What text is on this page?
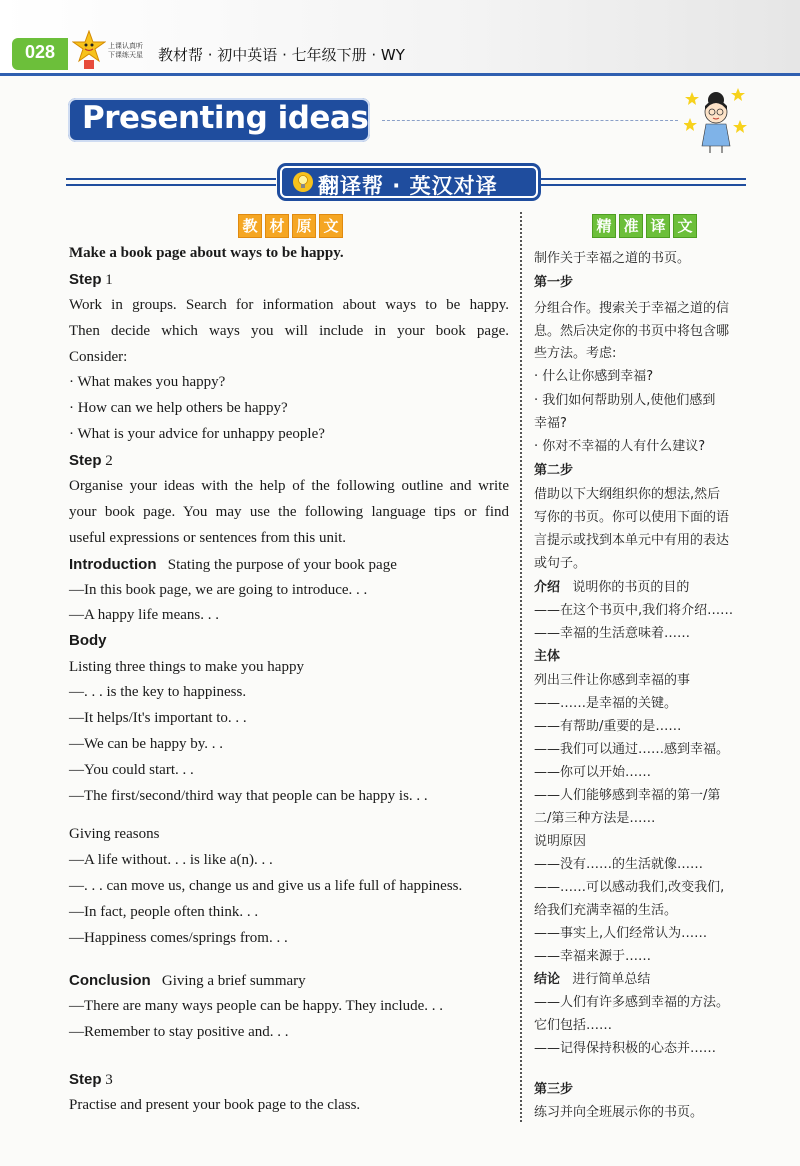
028	上课认真听
下课练天星 教材帮 · 初中英语 · 七年级下册 · WY
Presenting ideas
翻译帮 · 英汉对译
教 材 原 文	精 准 译 文
Make a book page about ways to be happy.
Step 1
Work in groups. Search for information about ways to be happy.
Then decide which ways you will include in your book page.
Consider:
· What makes you happy?
· How can we help others be happy?
· What is your advice for unhappy people?
Step 2
Organise your ideas with the help of the following outline and write
your book page. You may use the following language tips or find
useful expressions or sentences from this unit.
Introduction Stating the purpose of your book page
—In this book page, we are going to introduce. . .
—A happy life means. . .
Body
Listing three things to make you happy
—. . . is the key to happiness.
—It helps/It's important to. . .
—We can be happy by. . .
—You could start. . .
—The first/second/third way that people can be happy is. . .
Giving reasons
—A life without. . . is like a(n). . .
—. . . can move us, change us and give us a life full of happiness.
—In fact, people often think. . .
—Happiness comes/springs from. . .
Conclusion Giving a brief summary
—There are many ways people can be happy. They include. . .
—Remember to stay positive and. . .
Step 3
Practise and present your book page to the class.
制作关于幸福之道的书页。
第一步
分组合作。搜索关于幸福之道的信
息。然后决定你的书页中将包含哪
些方法。考虑:
· 什么让你感到幸福?
· 我们如何帮助别人,使他们感到
幸福?
· 你对不幸福的人有什么建议?
第二步
借助以下大纲组织你的想法,然后
写你的书页。你可以使用下面的语
言提示或找到本单元中有用的表达
或句子。
介绍 说明你的书页的目的
——在这个书页中,我们将介绍……
——幸福的生活意味着……
主体
列出三件让你感到幸福的事
——……是幸福的关键。
——有帮助/重要的是……
——我们可以通过……感到幸福。
——你可以开始……
——人们能够感到幸福的第一/第
二/第三种方法是……
说明原因
——没有……的生活就像……
——……可以感动我们,改变我们,
给我们充满幸福的生活。
——事实上,人们经常认为……
——幸福来源于……
结论 进行简单总结
——人们有许多感到幸福的方法。
它们包括……
——记得保持积极的心态并……
第三步
练习并向全班展示你的书页。
